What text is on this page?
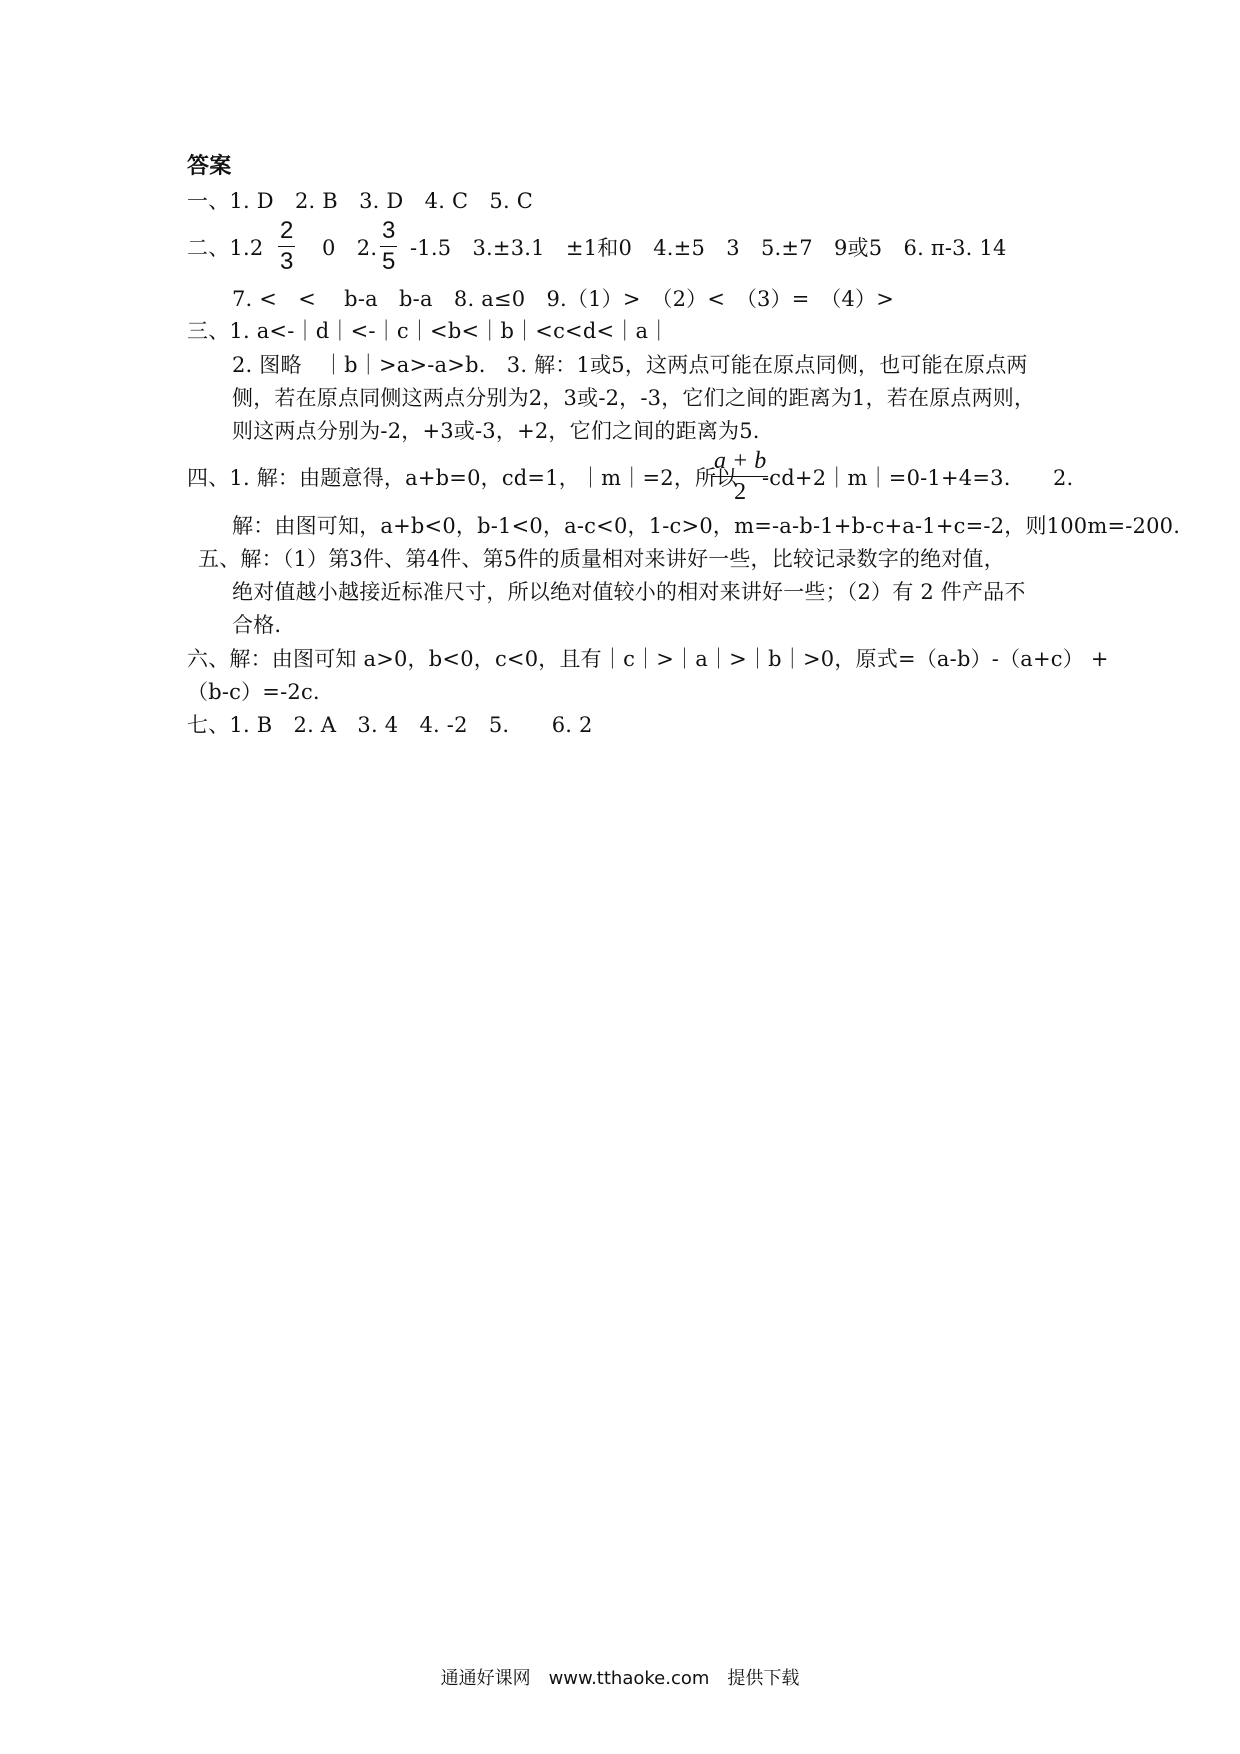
答案
一、1. D　2. B　3. D　4. C　5. C
二、1.2
2
3 0　2.
3
5 -1.5　3.±3.1　±1和0　4.±5　3　5.±7　9或5　6. π-3. 14
7. <　<　 b-a　b-a　8. a≤0　9.（1）>　（2）<　（3）=　（4）>
三、1. a<-｜d｜<-｜c｜<b<｜b｜<c<d<｜a｜
2. 图略　｜b｜>a>-a>b.　3. 解：1或5，这两点可能在原点同侧，也可能在原点两
侧，若在原点同侧这两点分别为2，3或-2，-3，它们之间的距离为1，若在原点两则，
则这两点分别为-2，+3或-3，+2，它们之间的距离为5.
四、1. 解：由题意得，a+b=0，cd=1，｜m｜=2，所以
a + b
2
-cd+2｜m｜=0-1+4=3.　　2.
解：由图可知，a+b<0，b-1<0，a-c<0，1-c>0，m=-a-b-1+b-c+a-1+c=-2，则100m=-200.
五、解：（1）第3件、第4件、第5件的质量相对来讲好一些，比较记录数字的绝对值，
绝对值越小越接近标准尺寸，所以绝对值较小的相对来讲好一些；（2）有 2 件产品不
合格.
六、解：由图可知 a>0，b<0，c<0，且有｜c｜>｜a｜>｜b｜>0，原式=（a-b）-（a+c） +
（b-c）=-2c.
七、1. B　2. A　3. 4　4. -2　5.　　6. 2
通通好课网　www.tthaoke.com　提供下载
